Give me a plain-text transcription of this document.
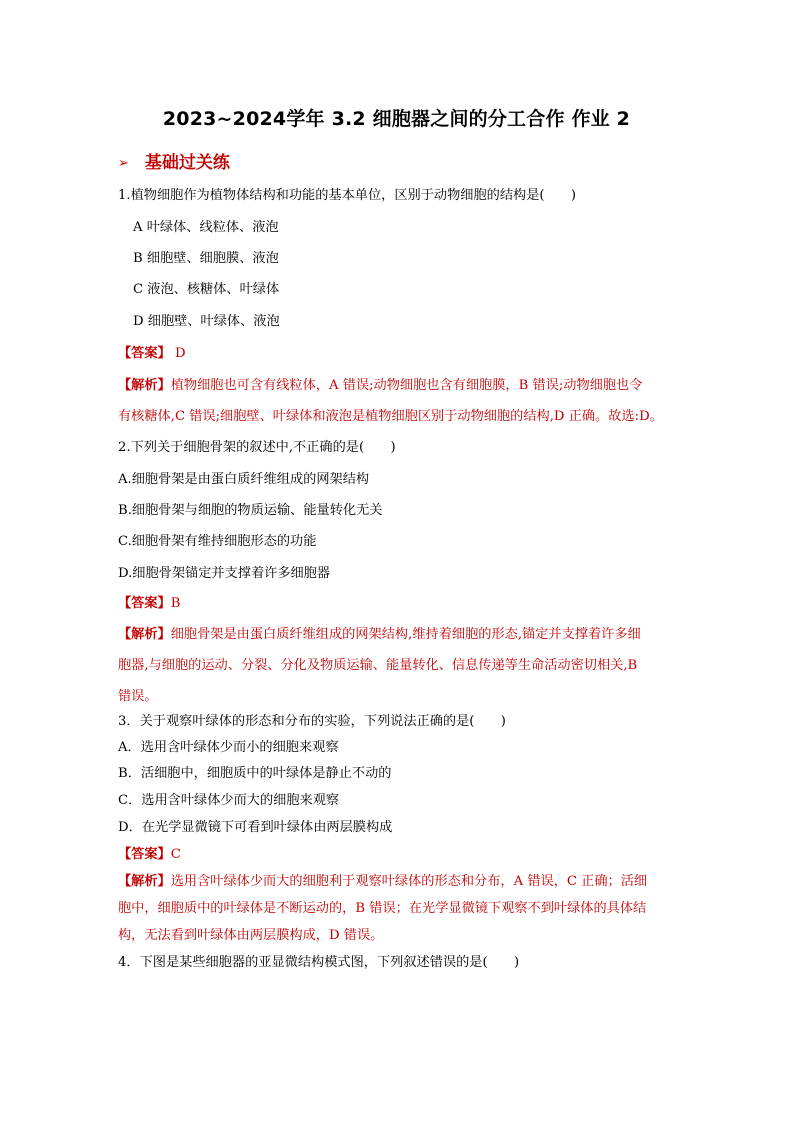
2023~2024学年 3.2 细胞器之间的分工合作 作业 2
➢ 基础过关练
1.植物细胞作为植物体结构和功能的基本单位，区别于动物细胞的结构是(　　)
A 叶绿体、线粒体、液泡
B 细胞壁、细胞膜、液泡
C 液泡、核糖体、叶绿体
D 细胞壁、叶绿体、液泡
【答案】 D
【解析】植物细胞也可含有线粒体，A 错误;动物细胞也含有细胞膜，B 错误;动物细胞也令
有核糖体,C 错误;细胞壁、叶绿体和液泡是植物细胞区别于动物细胞的结构,D 正确。故选:D。
2.下列关于细胞骨架的叙述中,不正确的是(　　)
A.细胞骨架是由蛋白质纤维组成的网架结构
B.细胞骨架与细胞的物质运输、能量转化无关
C.细胞骨架有维持细胞形态的功能
D.细胞骨架锚定并支撑着许多细胞器
【答案】B
【解析】细胞骨架是由蛋白质纤维组成的网架结构,维持着细胞的形态,锚定并支撑着许多细
胞器,与细胞的运动、分裂、分化及物质运输、能量转化、信息传递等生命活动密切相关,B
错误。
3．关于观察叶绿体的形态和分布的实验，下列说法正确的是(　　)
A．选用含叶绿体少而小的细胞来观察
B．活细胞中，细胞质中的叶绿体是静止不动的
C．选用含叶绿体少而大的细胞来观察
D．在光学显微镜下可看到叶绿体由两层膜构成
【答案】C
【解析】选用含叶绿体少而大的细胞利于观察叶绿体的形态和分布，A 错误，C 正确；活细
胞中，细胞质中的叶绿体是不断运动的，B 错误；在光学显微镜下观察不到叶绿体的具体结
构，无法看到叶绿体由两层膜构成，D 错误。
4．下图是某些细胞器的亚显微结构模式图，下列叙述错误的是(　　)
